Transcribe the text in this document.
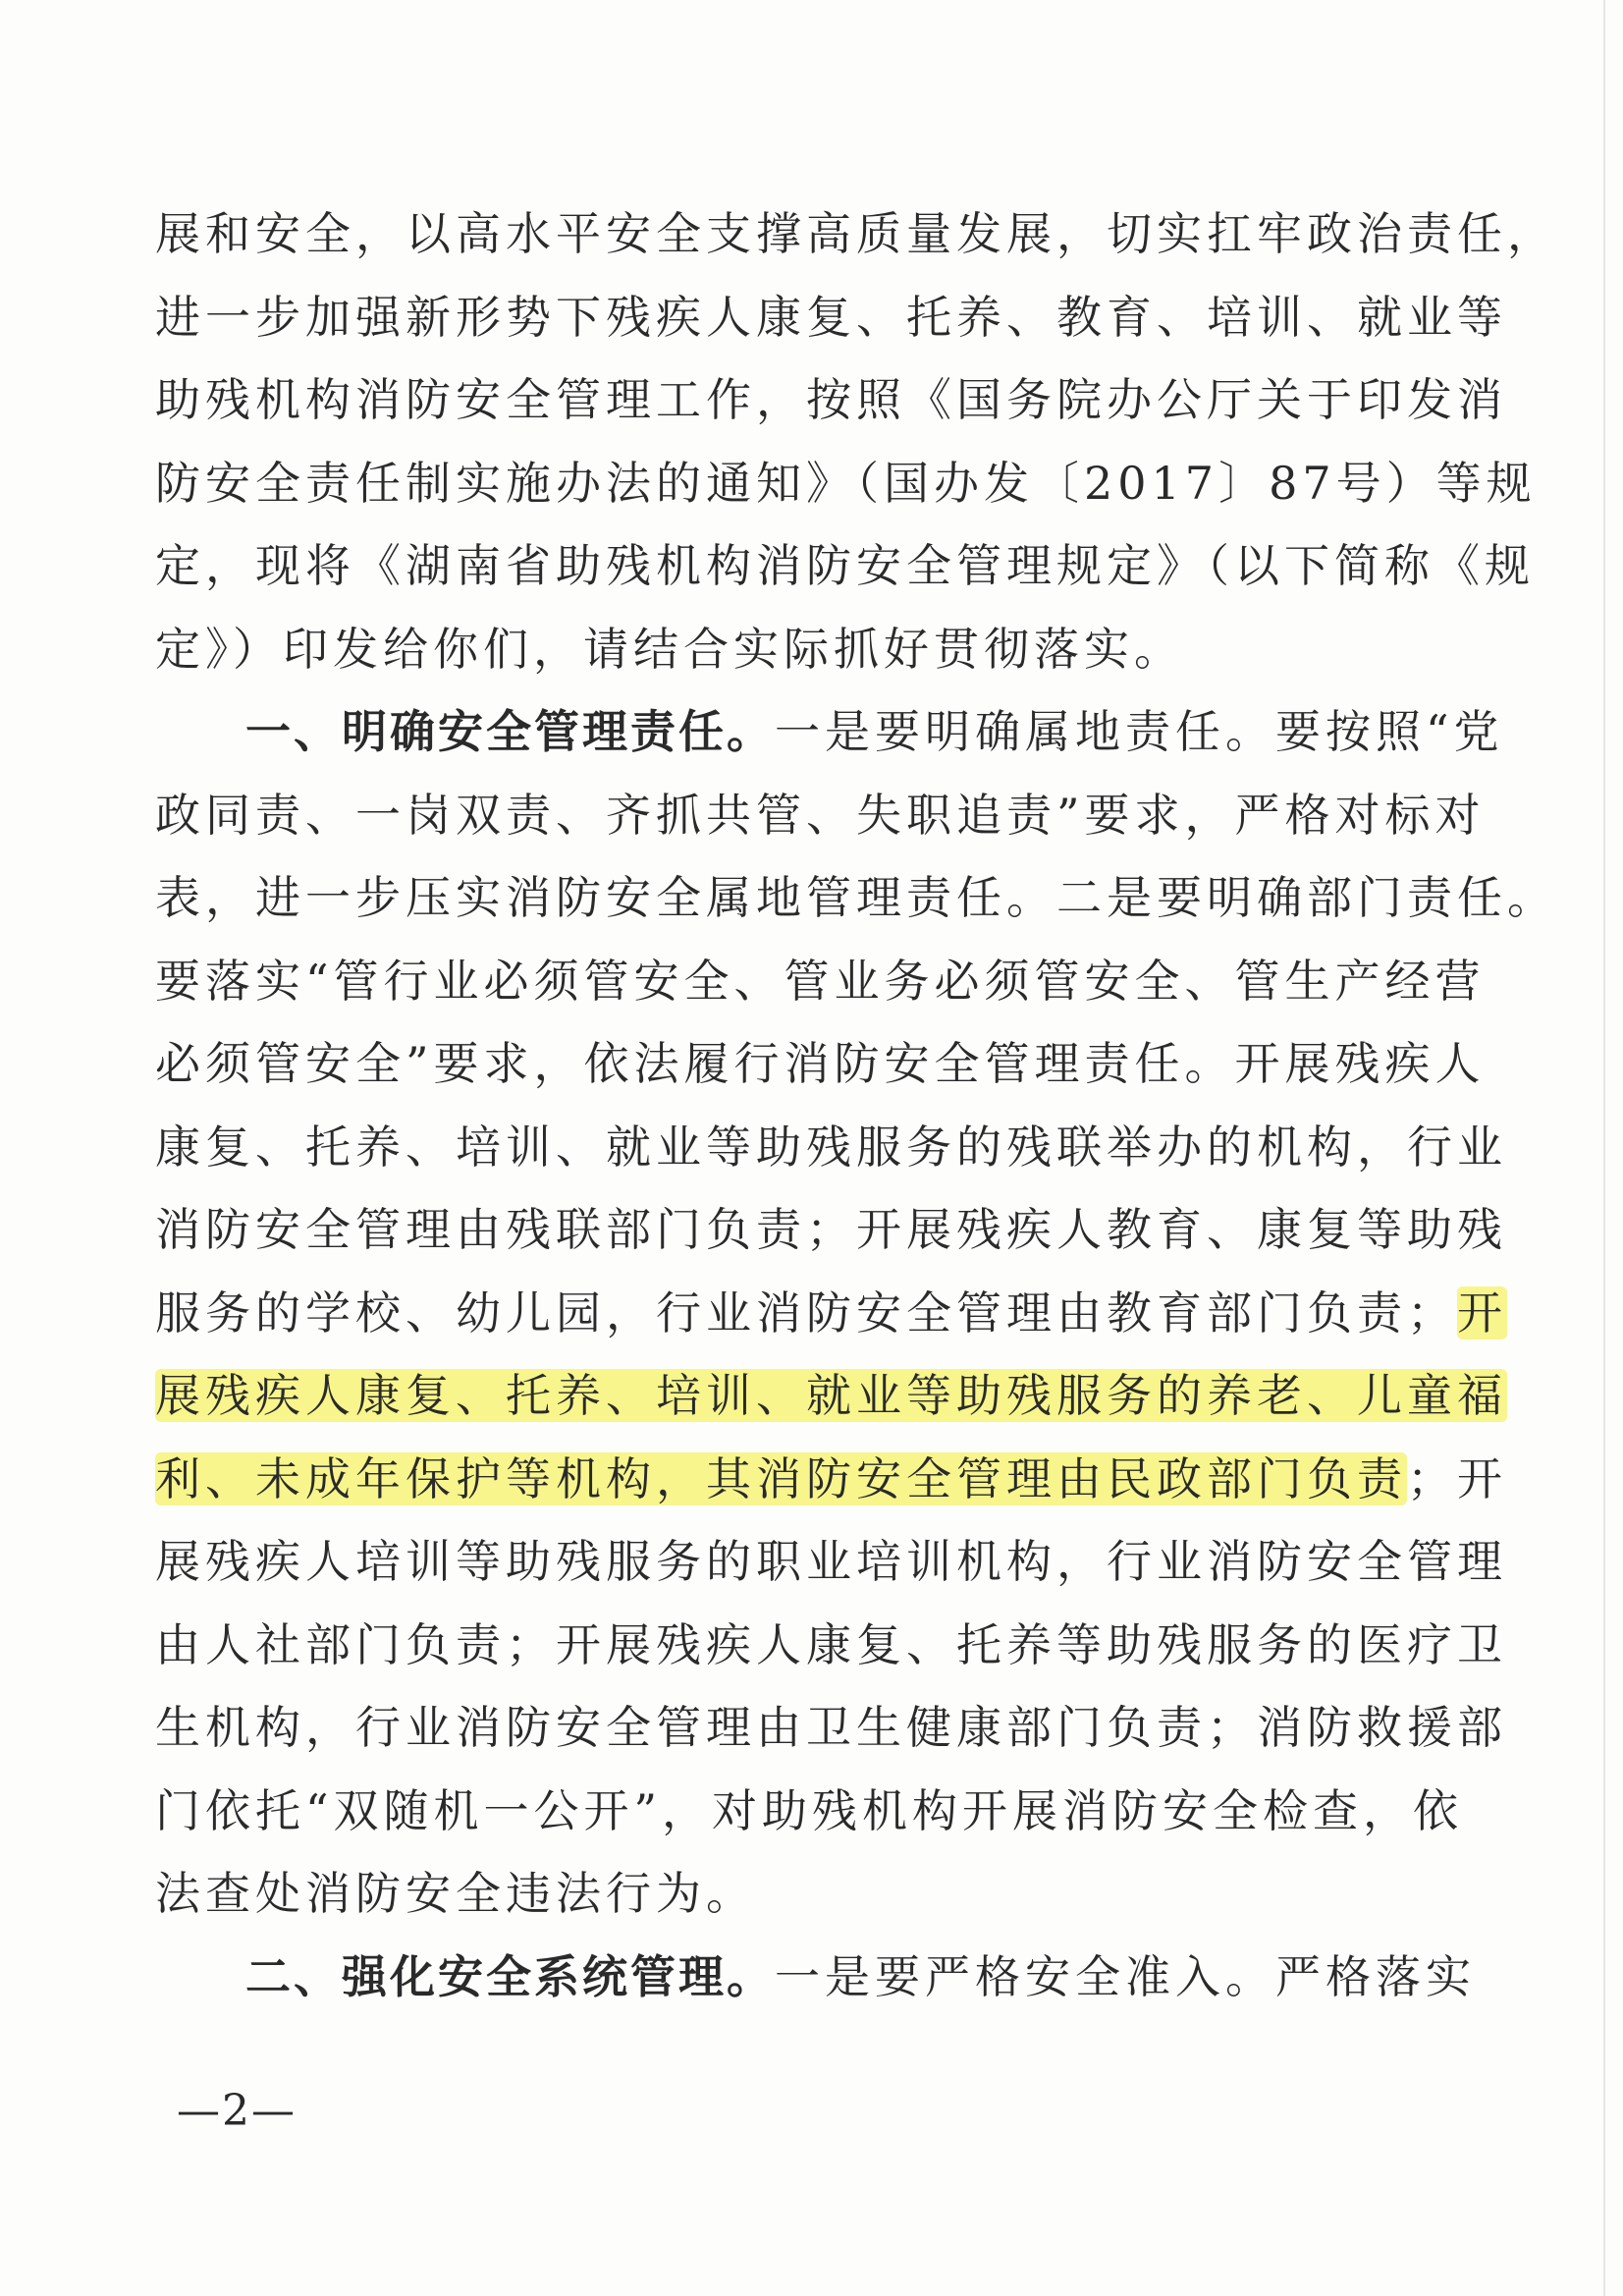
展和安全，以高水平安全支撑高质量发展，切实扛牢政治责任，
进一步加强新形势下残疾人康复、托养、教育、培训、就业等
助残机构消防安全管理工作，按照《国务院办公厅关于印发消
防安全责任制实施办法的通知》（国办发〔2017〕87号）等规
定，现将《湖南省助残机构消防安全管理规定》（以下简称《规
定》）印发给你们，请结合实际抓好贯彻落实。
一、明确安全管理责任。一是要明确属地责任。要按照“党
政同责、一岗双责、齐抓共管、失职追责”要求，严格对标对
表，进一步压实消防安全属地管理责任。二是要明确部门责任。
要落实“管行业必须管安全、管业务必须管安全、管生产经营
必须管安全”要求，依法履行消防安全管理责任。开展残疾人
康复、托养、培训、就业等助残服务的残联举办的机构，行业
消防安全管理由残联部门负责；开展残疾人教育、康复等助残
服务的学校、幼儿园，行业消防安全管理由教育部门负责；开
展残疾人康复、托养、培训、就业等助残服务的养老、儿童福
利、未成年保护等机构，其消防安全管理由民政部门负责；开
展残疾人培训等助残服务的职业培训机构，行业消防安全管理
由人社部门负责；开展残疾人康复、托养等助残服务的医疗卫
生机构，行业消防安全管理由卫生健康部门负责；消防救援部
门依托“双随机一公开”，对助残机构开展消防安全检查，依
法查处消防安全违法行为。
二、强化安全系统管理。一是要严格安全准入。严格落实
—2—
